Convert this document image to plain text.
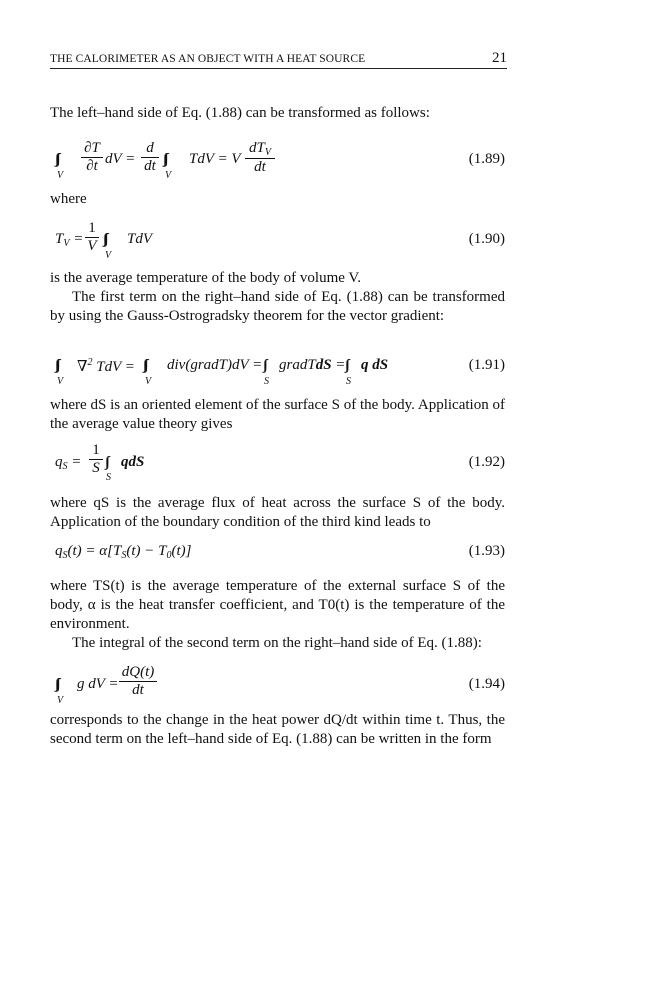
THE CALORIMETER AS AN OBJECT WITH A HEAT SOURCE	21
The left–hand side of Eq. (1.88) can be transformed as follows:
∫∫∫
V
$\frac{\partial T}{\partial t}$ dV = $\frac{d}{dt}$ ∫∫∫
V
TdV = V
$dT_V$
dt	(1.89)
where
$T_V = \frac{1}{V}$ ∫∫∫
V
TdV	(1.90)
is the average temperature of the body of volume V.
The first term on the right–hand side of Eq. (1.88) can be transformed by using the Gauss-Ostrogradsky theorem for the vector gradient:
∫∫∫
V
∇$^2$ TdV = ∫∫∫
V
div(gradT)dV = ∫∫
S
gradTdS = ∫∫
S
q dS	(1.91)
where dS is an oriented element of the surface S of the body. Application of the average value theory gives
$q_S = \frac{1}{S}$ ∫∫
S
qdS	(1.92)
where qS is the average flux of heat across the surface S of the body. Application of the boundary condition of the third kind leads to
$q_S(t) = \alpha[T_S(t) - T_0(t)]$	(1.93)
where TS(t) is the average temperature of the external surface S of the body, α is the heat transfer coefficient, and T0(t) is the temperature of the environment.
The integral of the second term on the right–hand side of Eq. (1.88):
∫∫∫
V
g dV = $\frac{dQ(t)}{dt}$	(1.94)
corresponds to the change in the heat power dQ/dt within time t. Thus, the second term on the left–hand side of Eq. (1.88) can be written in the form
